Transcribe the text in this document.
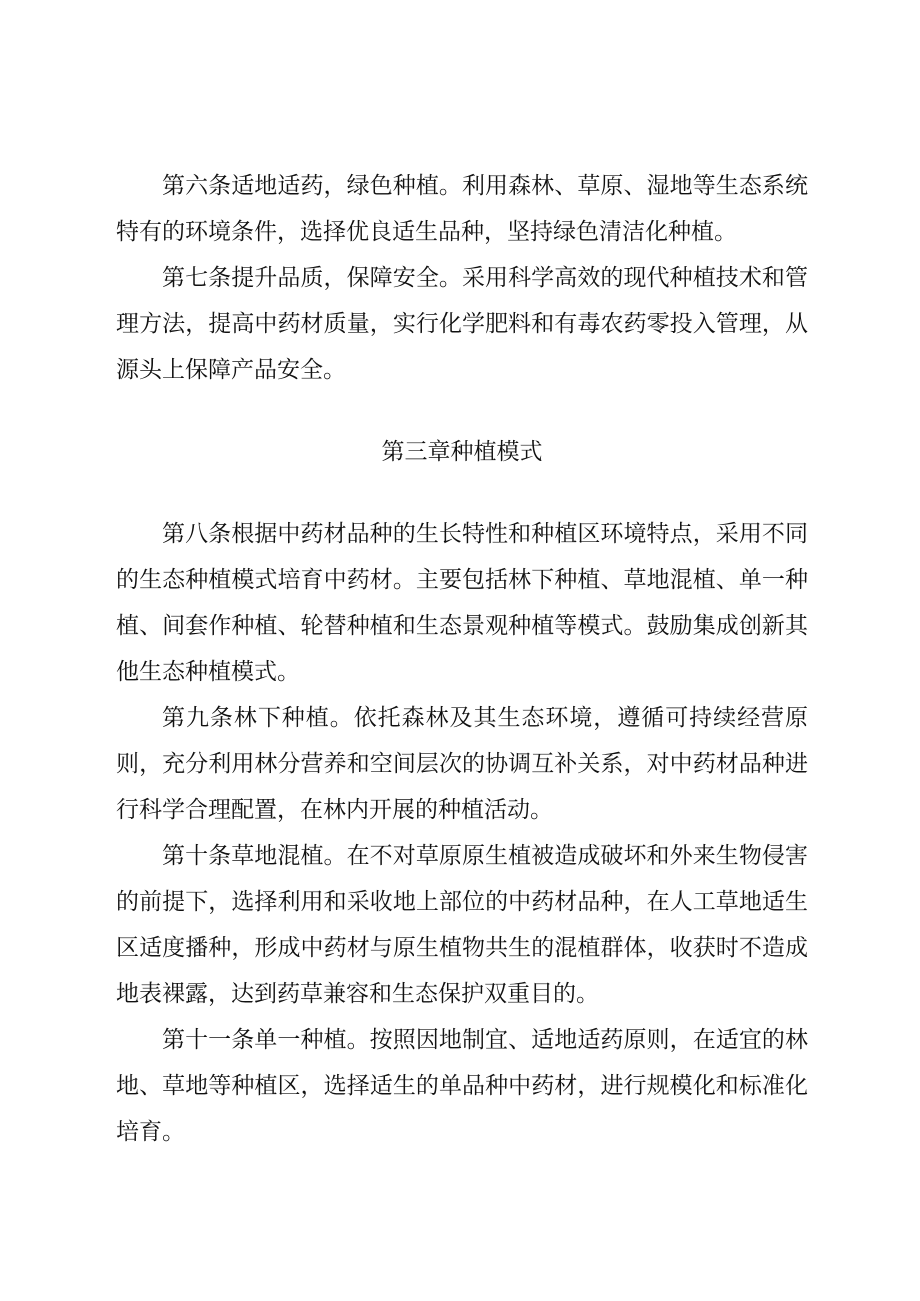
第六条适地适药，绿色种植。利用森林、草原、湿地等生态系统特有的环境条件，选择优良适生品种，坚持绿色清洁化种植。

第七条提升品质，保障安全。采用科学高效的现代种植技术和管理方法，提高中药材质量，实行化学肥料和有毒农药零投入管理，从源头上保障产品安全。

第三章种植模式

第八条根据中药材品种的生长特性和种植区环境特点，采用不同的生态种植模式培育中药材。主要包括林下种植、草地混植、单一种植、间套作种植、轮替种植和生态景观种植等模式。鼓励集成创新其他生态种植模式。

第九条林下种植。依托森林及其生态环境，遵循可持续经营原则，充分利用林分营养和空间层次的协调互补关系，对中药材品种进行科学合理配置，在林内开展的种植活动。

第十条草地混植。在不对草原原生植被造成破坏和外来生物侵害的前提下，选择利用和采收地上部位的中药材品种，在人工草地适生区适度播种，形成中药材与原生植物共生的混植群体，收获时不造成地表裸露，达到药草兼容和生态保护双重目的。

第十一条单一种植。按照因地制宜、适地适药原则，在适宜的林地、草地等种植区，选择适生的单品种中药材，进行规模化和标准化培育。
